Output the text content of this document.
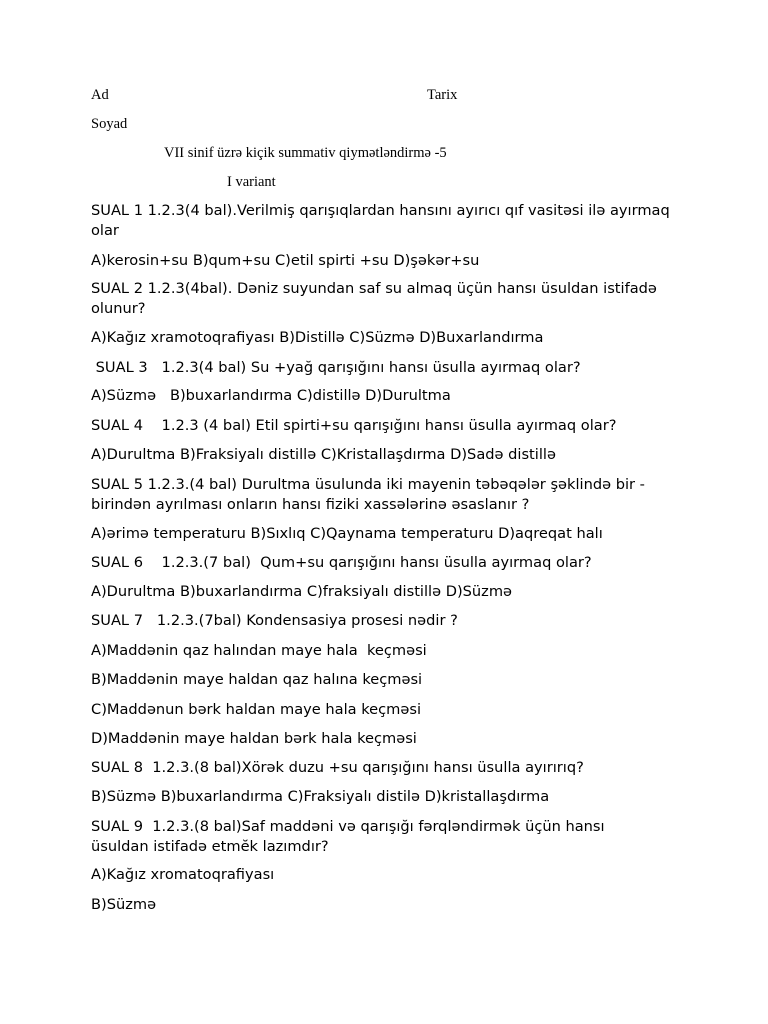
Ad	Tarix
Soyad
VII sinif üzrə kiçik summativ qiymətləndirmə -5
I variant
SUAL 1 1.2.3(4 bal).Verilmiş qarışıqlardan hansını ayırıcı qıf vasitəsi ilə ayırmaq olar
A)kerosin+su B)qum+su C)etil spirti +su D)şəkər+su
SUAL 2 1.2.3(4bal). Dəniz suyundan saf su almaq üçün hansı üsuldan istifadə olunur?
A)Kağız xramotoqrafiyası B)Distillə C)Süzmə D)Buxarlandırma
SUAL 3   1.2.3(4 bal) Su +yağ qarışığını hansı üsulla ayırmaq olar?
A)Süzmə   B)buxarlandırma C)distillə D)Durultma
SUAL 4    1.2.3 (4 bal) Etil spirti+su qarışığını hansı üsulla ayırmaq olar?
A)Durultma B)Fraksiyalı distillə C)Kristallaşdırma D)Sadə distillə
SUAL 5 1.2.3.(4 bal) Durultma üsulunda iki mayenin təbəqələr şəklində bir -birindən ayrılması onların hansı fiziki xassələrinə əsaslanır ?
A)ərimə temperaturu B)Sıxlıq C)Qaynama temperaturu D)aqreqat halı
SUAL 6    1.2.3.(7 bal)  Qum+su qarışığını hansı üsulla ayırmaq olar?
A)Durultma B)buxarlandırma C)fraksiyalı distillə D)Süzmə
SUAL 7   1.2.3.(7bal) Kondensasiya prosesi nədir ?
A)Maddənin qaz halından maye hala  keçməsi
B)Maddənin maye haldan qaz halına keçməsi
C)Maddənun bərk haldan maye hala keçməsi
D)Maddənin maye haldan bərk hala keçməsi
SUAL 8  1.2.3.(8 bal)Xörək duzu +su qarışığını hansı üsulla ayırırıq?
B)Süzmə B)buxarlandırma C)Fraksiyalı distilə D)kristallaşdırma
SUAL 9  1.2.3.(8 bal)Saf maddəni və qarışığı fərqləndirmək üçün hansı üsuldan istifadə etmĕk lazımdır?
A)Kağız xromatoqrafiyası
B)Süzmə
